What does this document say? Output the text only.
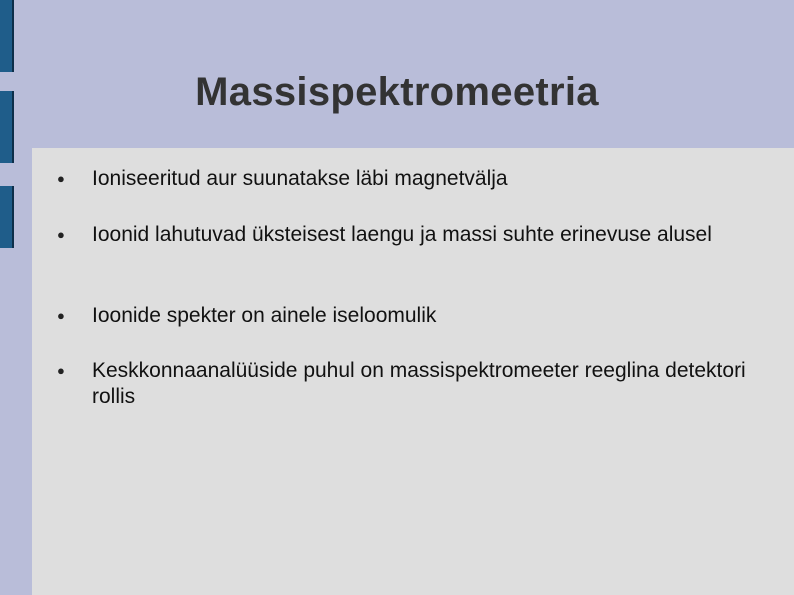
Massispektromeetria
● Ioniseeritud aur suunatakse läbi magnetvälja
● Ioonid lahutuvad üksteisest laengu ja massi suhte erinevuse alusel
● Ioonide spekter on ainele iseloomulik
● Keskkonnaanalüüside puhul on massispektromeeter reeglina detektori rollis
